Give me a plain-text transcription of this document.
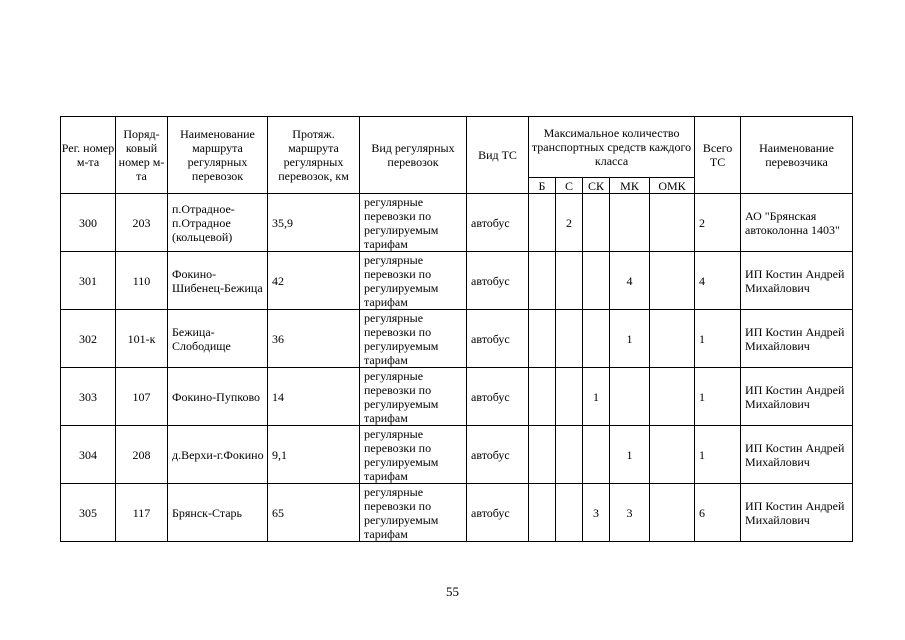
Рег. номер м-та	Поряд-ковый номер м-та	Наименование маршрута регулярных перевозок	Протяж. маршрута регулярных перевозок, км	Вид регулярных перевозок	Вид ТС	Максимальное количество транспортных средств каждого класса					Всего ТС	Наименование перевозчика
						Б	С	СК	МК	ОМК		
300	203	п.Отрадное-п.Отрадное (кольцевой)	35,9	регулярные перевозки по регулируемым тарифам	автобус		2				2	АО "Брянская автоколонна 1403"
301	110	Фокино-Шибенец-Бежица	42	регулярные перевозки по регулируемым тарифам	автобус				4		4	ИП Костин Андрей Михайлович
302	101-к	Бежица-Слободище	36	регулярные перевозки по регулируемым тарифам	автобус				1		1	ИП Костин Андрей Михайлович
303	107	Фокино-Пупково	14	регулярные перевозки по регулируемым тарифам	автобус			1			1	ИП Костин Андрей Михайлович
304	208	д.Верхи-г.Фокино	9,1	регулярные перевозки по регулируемым тарифам	автобус				1		1	ИП Костин Андрей Михайлович
305	117	Брянск-Старь	65	регулярные перевозки по регулируемым тарифам	автобус			3	3		6	ИП Костин Андрей Михайлович
55
